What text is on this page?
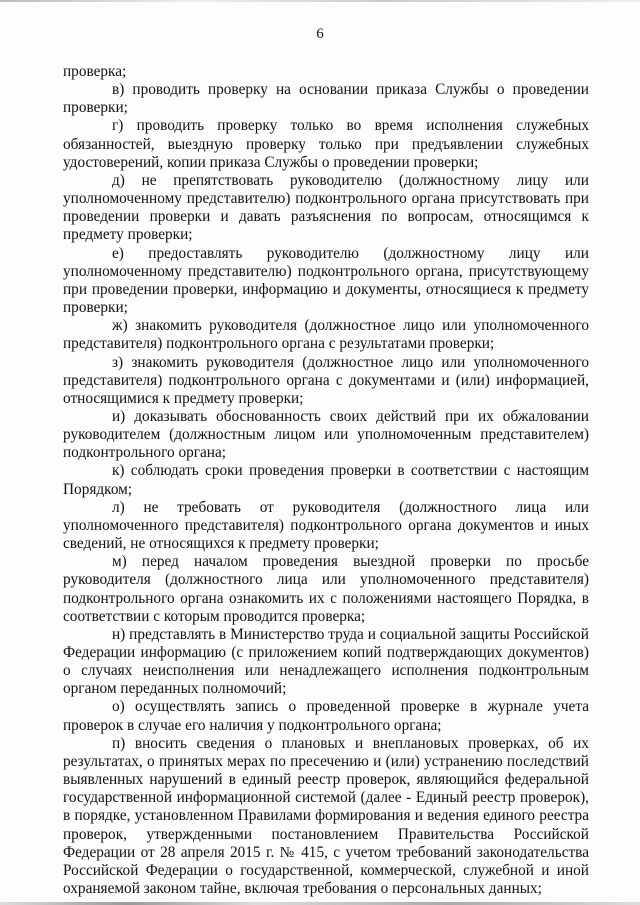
6

проверка;

в) проводить проверку на основании приказа Службы о проведении проверки;

г) проводить проверку только во время исполнения служебных обязанностей, выездную проверку только при предъявлении служебных удостоверений, копии приказа Службы о проведении проверки;

д) не препятствовать руководителю (должностному лицу или уполномоченному представителю) подконтрольного органа присутствовать при проведении проверки и давать разъяснения по вопросам, относящимся к предмету проверки;

е) предоставлять руководителю (должностному лицу или уполномоченному представителю) подконтрольного органа, присутствующему при проведении проверки, информацию и документы, относящиеся к предмету проверки;

ж) знакомить руководителя (должностное лицо или уполномоченного представителя) подконтрольного органа с результатами проверки;

з) знакомить руководителя (должностное лицо или уполномоченного представителя) подконтрольного органа с документами и (или) информацией, относящимися к предмету проверки;

и) доказывать обоснованность своих действий при их обжаловании руководителем (должностным лицом или уполномоченным представителем) подконтрольного органа;

к) соблюдать сроки проведения проверки в соответствии с настоящим Порядком;

л) не требовать от руководителя (должностного лица или уполномоченного представителя) подконтрольного органа документов и иных сведений, не относящихся к предмету проверки;

м) перед началом проведения выездной проверки по просьбе руководителя (должностного лица или уполномоченного представителя) подконтрольного органа ознакомить их с положениями настоящего Порядка, в соответствии с которым проводится проверка;

н) представлять в Министерство труда и социальной защиты Российской Федерации информацию (с приложением копий подтверждающих документов) о случаях неисполнения или ненадлежащего исполнения подконтрольным органом переданных полномочий;

о) осуществлять запись о проведенной проверке в журнале учета проверок в случае его наличия у подконтрольного органа;

п) вносить сведения о плановых и внеплановых проверках, об их результатах, о принятых мерах по пресечению и (или) устранению последствий выявленных нарушений в единый реестр проверок, являющийся федеральной государственной информационной системой (далее - Единый реестр проверок), в порядке, установленном Правилами формирования и ведения единого реестра проверок, утвержденными постановлением Правительства Российской Федерации от 28 апреля 2015 г. № 415, с учетом требований законодательства Российской Федерации о государственной, коммерческой, служебной и иной охраняемой законом тайне, включая требования о персональных данных;
